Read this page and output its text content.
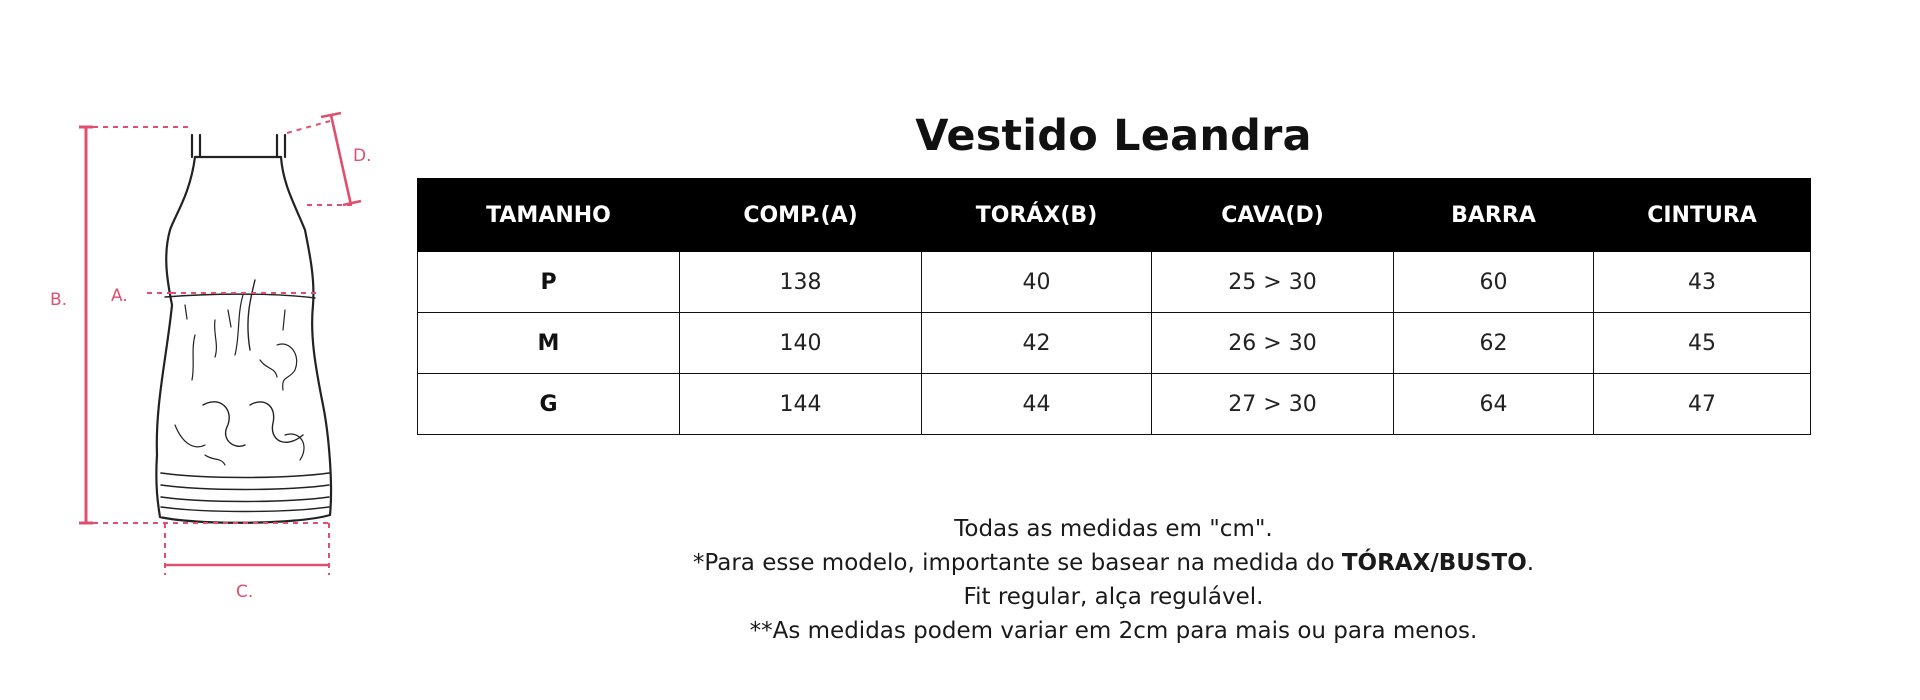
A.
B.
C.
D.	Vestido Leandra
TAMANHO	COMP.(A)	TORÁX(B)	CAVA(D)	BARRA	CINTURA
P	138	40	25 > 30	60	43
M	140	42	26 > 30	62	45
G	144	44	27 > 30	64	47

Todas as medidas em "cm".

*Para esse modelo, importante se basear na medida do TÓRAX/BUSTO.

Fit regular, alça regulável.

**As medidas podem variar em 2cm para mais ou para menos.
